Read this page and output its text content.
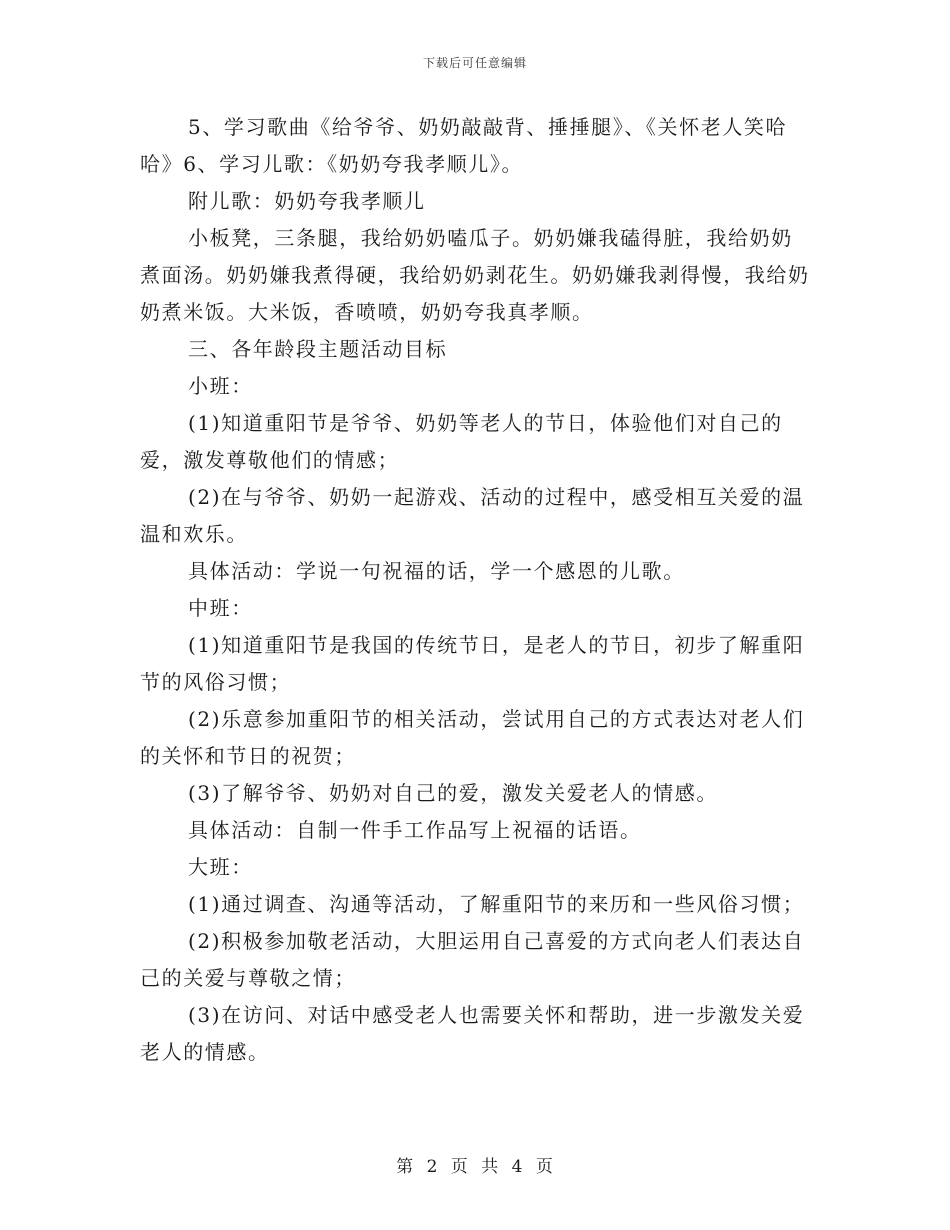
下载后可任意编辑

5、学习歌曲《给爷爷、奶奶敲敲背、捶捶腿》、《关怀老人笑哈哈》6、学习儿歌：《奶奶夸我孝顺儿》。

附儿歌：奶奶夸我孝顺儿

小板凳，三条腿，我给奶奶嗑瓜子。奶奶嫌我磕得脏，我给奶奶煮面汤。奶奶嫌我煮得硬，我给奶奶剥花生。奶奶嫌我剥得慢，我给奶奶煮米饭。大米饭，香喷喷，奶奶夸我真孝顺。

三、各年龄段主题活动目标

小班：

(1)知道重阳节是爷爷、奶奶等老人的节日，体验他们对自己的爱，激发尊敬他们的情感；

(2)在与爷爷、奶奶一起游戏、活动的过程中，感受相互关爱的温温和欢乐。

具体活动：学说一句祝福的话，学一个感恩的儿歌。

中班：

(1)知道重阳节是我国的传统节日，是老人的节日，初步了解重阳节的风俗习惯；

(2)乐意参加重阳节的相关活动，尝试用自己的方式表达对老人们的关怀和节日的祝贺；

(3)了解爷爷、奶奶对自己的爱，激发关爱老人的情感。

具体活动：自制一件手工作品写上祝福的话语。

大班：

(1)通过调查、沟通等活动，了解重阳节的来历和一些风俗习惯；

(2)积极参加敬老活动，大胆运用自己喜爱的方式向老人们表达自己的关爱与尊敬之情；

(3)在访问、对话中感受老人也需要关怀和帮助，进一步激发关爱老人的情感。

第 2 页 共 4 页
